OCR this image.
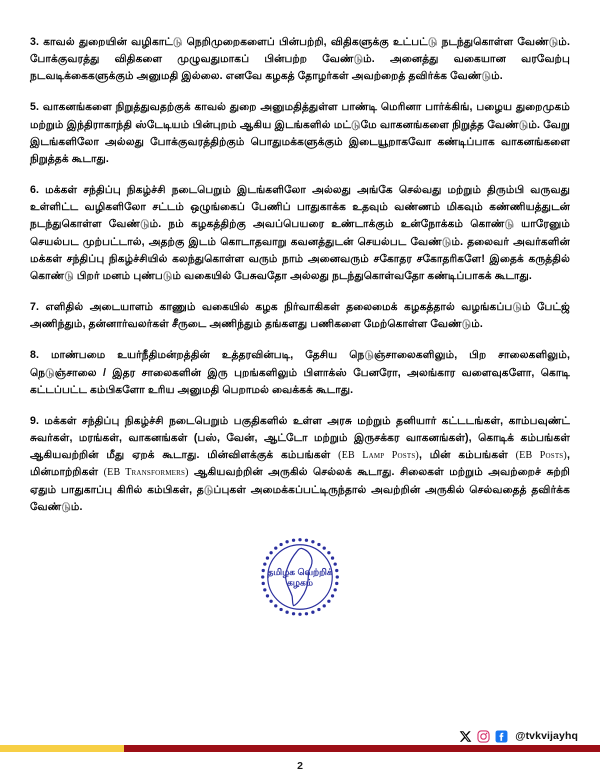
3. காவல் துறையின் வழிகாட்டு நெறிமுறைகளைப் பின்பற்றி, விதிகளுக்கு உட்பட்டு நடந்துகொள்ள வேண்டும். போக்குவரத்து விதிகளை முழுவதுமாகப் பின்பற்ற வேண்டும். அனைத்து வகையான வரவேற்பு நடவடிக்கைகளுக்கும் அனுமதி இல்லை. எனவே கழகத் தோழர்கள் அவற்றைத் தவிர்க்க வேண்டும்.

5. வாகனங்களை நிறுத்துவதற்குக் காவல் துறை அனுமதித்துள்ள பாண்டி மெரினா பார்க்கிங், பழைய துறைமுகம் மற்றும் இந்திராகாந்தி ஸ்டேடியம் பின்புறம் ஆகிய இடங்களில் மட்டுமே வாகனங்களை நிறுத்த வேண்டும். வேறு இடங்களிலோ அல்லது போக்குவரத்திற்கும் பொதுமக்களுக்கும் இடையூறாகவோ கண்டிப்பாக வாகனங்களை நிறுத்தக் கூடாது.

6. மக்கள் சந்திப்பு நிகழ்ச்சி நடைபெறும் இடங்களிலோ அல்லது அங்கே செல்வது மற்றும் திரும்பி வருவது உள்ளிட்ட வழிகளிலோ சட்டம் ஒழுங்கைப் பேணிப் பாதுகாக்க உதவும் வண்ணம் மிகவும் கண்ணியத்துடன் நடந்துகொள்ள வேண்டும். நம் கழகத்திற்கு அவப்பெயரை உண்டாக்கும் உன்நோக்கம் கொண்டு யாரேனும் செயல்பட முற்பட்டால், அதற்கு இடம் கொடாதவாறு கவனத்துடன் செயல்பட வேண்டும். தலைவர் அவர்களின் மக்கள் சந்திப்பு நிகழ்ச்சியில் கலந்துகொள்ள வரும் நாம் அனைவரும் சகோதர சகோதரிகளே! இதைக் கருத்தில் கொண்டு பிறர் மனம் புண்படும் வகையில் பேசுவதோ அல்லது நடந்துகொள்வதோ கண்டிப்பாகக் கூடாது.

7. எளிதில் அடையாளம் காணும் வகையில் கழக நிர்வாகிகள் தலைமைக் கழகத்தால் வழங்கப்படும் பேட்ஜ் அணிந்தும், தன்னார்வலர்கள் சீருடை அணிந்தும் தங்களது பணிகளை மேற்கொள்ள வேண்டும்.

8. மாண்பமை உயர்நீதிமன்றத்தின் உத்தரவின்படி, தேசிய நெடுஞ்சாலைகளிலும், பிற சாலைகளிலும், நெடுஞ்சாலை / இதர சாலைகளின் இரு புறங்களிலும் பிளாக்ஸ் பேனரோ, அலங்கார வளைவுகளோ, கொடி கட்டப்பட்ட கம்பிகளோ உரிய அனுமதி பெறாமல் வைக்கக் கூடாது.

9. மக்கள் சந்திப்பு நிகழ்ச்சி நடைபெறும் பகுதிகளில் உள்ள அரசு மற்றும் தனியார் கட்டடங்கள், காம்பவுண்ட் சுவர்கள், மரங்கள், வாகனங்கள் (பஸ், வேன், ஆட்டோ மற்றும் இருசக்கர வாகனங்கள்), கொடிக் கம்பங்கள் ஆகியவற்றின் மீது ஏறக் கூடாது. மின்விளக்குக் கம்பங்கள் (EB Lamp Posts), மின் கம்பங்கள் (EB Posts), மின்மாற்றிகள் (EB Transformers) ஆகியவற்றின் அருகில் செல்லக் கூடாது. சிலைகள் மற்றும் அவற்றைச் சுற்றி ஏதும் பாதுகாப்பு கிரில் கம்பிகள், தடுப்புகள் அமைக்கப்பட்டிருந்தால் அவற்றின் அருகில் செல்வதைத் தவிர்க்க வேண்டும்.

தமிழக வெற்றிக்
கழகம்
@tvkvijayhq
2
